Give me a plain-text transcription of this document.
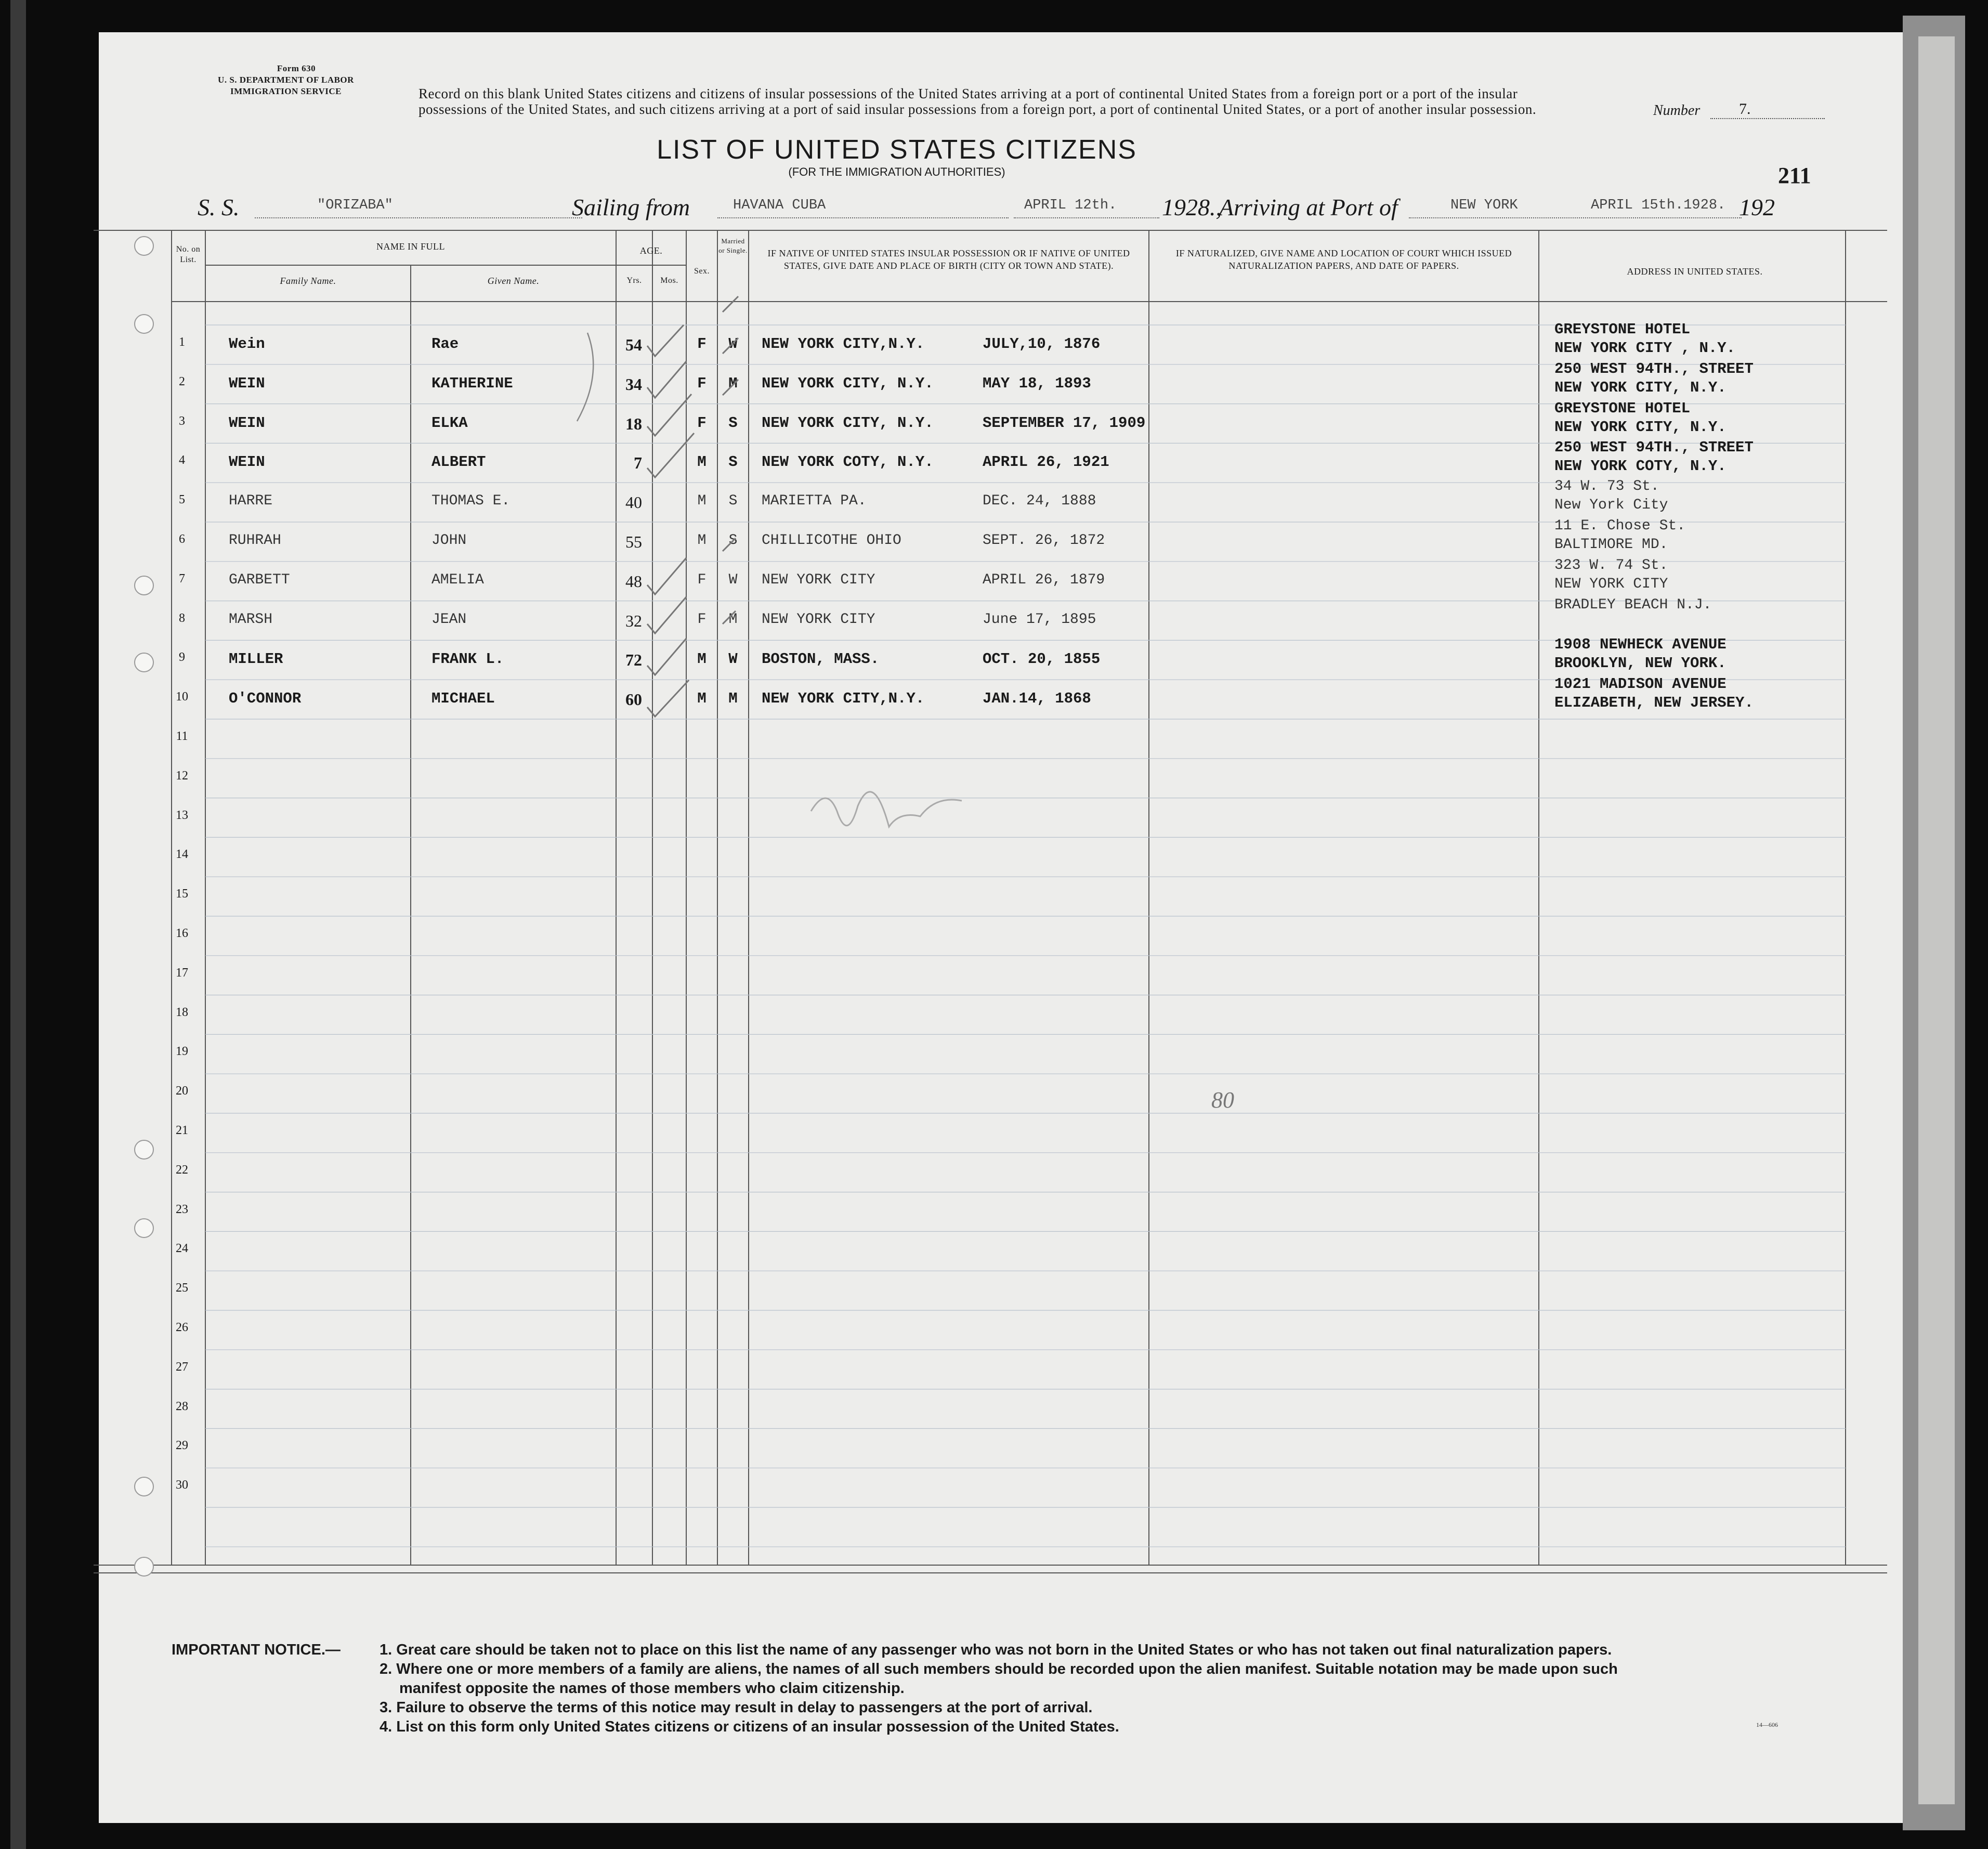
Form 630
U. S. DEPARTMENT OF LABOR
IMMIGRATION SERVICE	Record on this blank United States citizens and citizens of insular possessions of the United States arriving at a port of continental United States from a foreign port or a port of the insular possessions of the United States, and such citizens arriving at a port of said insular possessions from a foreign port, a port of continental United States, or a port of another insular possession.	Number	7.
LIST OF UNITED STATES CITIZENS
(FOR THE IMMIGRATION AUTHORITIES)	211
S. S.	"ORIZABA"	Sailing from	HAVANA CUBA	APRIL 12th.	1928.,
Arriving at Port of	NEW YORK	APRIL 15th.1928. 192
No. on List.
NAME IN FULL
Family Name.	Given Name.
AGE.
Yrs.	Mos.
Sex.
Married or Single.	IF NATIVE OF UNITED STATES INSULAR POSSESSION OR IF NATIVE OF UNITED STATES, GIVE DATE AND PLACE OF BIRTH (CITY OR TOWN AND STATE).
IF NATURALIZED, GIVE NAME AND LOCATION OF COURT WHICH ISSUED NATURALIZATION PAPERS, AND DATE OF PAPERS.
ADDRESS IN UNITED STATES.
1	Wein	Rae	54	F	W	NEW YORK CITY,N.Y.	JULY,10, 1876
GREYSTONE HOTEL
NEW YORK CITY , N.Y.
2	WEIN	KATHERINE	34	F	M	NEW YORK CITY, N.Y.	MAY 18, 1893
250 WEST 94TH., STREET
NEW YORK CITY, N.Y.
3	WEIN	ELKA	18	F	S	NEW YORK CITY, N.Y.	SEPTEMBER 17, 1909
GREYSTONE HOTEL
NEW YORK CITY, N.Y.
4	WEIN	ALBERT	7	M	S	NEW YORK COTY, N.Y.	APRIL 26, 1921
250 WEST 94TH., STREET
NEW YORK COTY, N.Y.
5	HARRE	THOMAS E.	40	M	S	MARIETTA PA.	DEC. 24, 1888
34 W. 73 St.
New York City
6	RUHRAH	JOHN	55	M	S	CHILLICOTHE OHIO	SEPT. 26, 1872
11 E. Chose St.
BALTIMORE MD.
7	GARBETT	AMELIA	48	F	W	NEW YORK CITY	APRIL 26, 1879
323 W. 74 St.
NEW YORK CITY
8	MARSH	JEAN	32	F	M	NEW YORK CITY	June 17, 1895
BRADLEY BEACH N.J.
9	MILLER	FRANK L.	72	M	W	BOSTON, MASS.	OCT. 20, 1855
1908 NEWHECK AVENUE
BROOKLYN, NEW YORK.
10	O'CONNOR	MICHAEL	60	M	M	NEW YORK CITY,N.Y.	JAN.14, 1868
1021 MADISON AVENUE
ELIZABETH, NEW JERSEY.
11
12
13
14
15
16
17
18
19
20
21
22
23
24
25
26
27
28
29
30
80
14—606
IMPORTANT NOTICE.—	1. Great care should be taken not to place on this list the name of any passenger who was not born in the United States or who has not taken out final naturalization papers.
2. Where one or more members of a family are aliens, the names of all such members should be recorded upon the alien manifest. Suitable notation may be made upon such
manifest opposite the names of those members who claim citizenship.
3. Failure to observe the terms of this notice may result in delay to passengers at the port of arrival.
4. List on this form only United States citizens or citizens of an insular possession of the United States.
